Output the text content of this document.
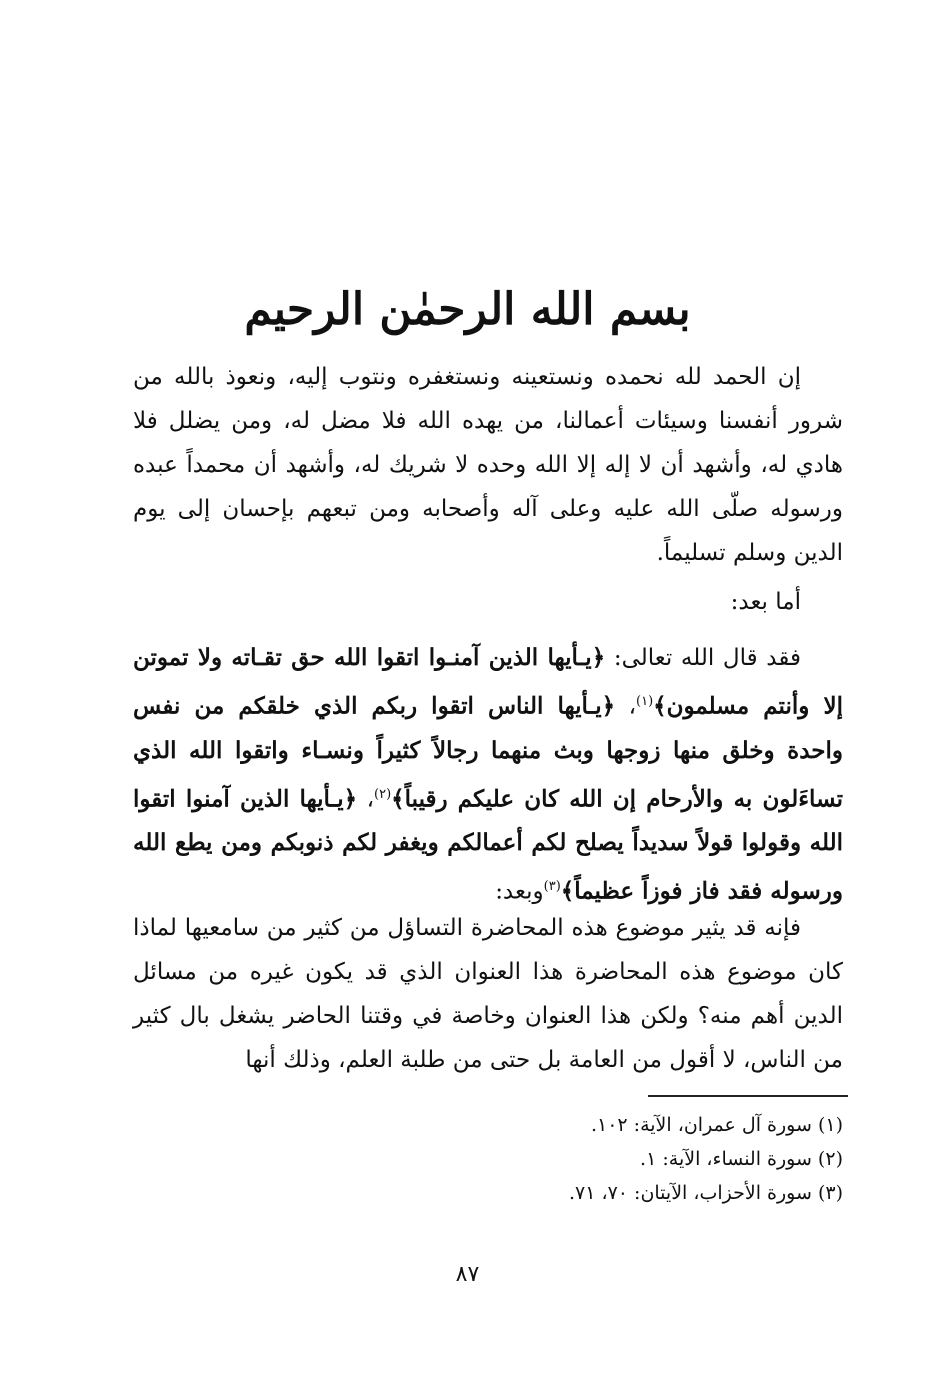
بسم الله الرحمٰن الرحيم

إن الحمد لله نحمده ونستعينه ونستغفره ونتوب إليه، ونعوذ بالله من شرور أنفسنا وسيئات أعمالنا، من يهده الله فلا مضل له، ومن يضلل فلا هادي له، وأشهد أن لا إله إلا الله وحده لا شريك له، وأشهد أن محمداً عبده ورسوله صلّى الله عليه وعلى آله وأصحابه ومن تبعهم بإحسان إلى يوم الدين وسلم تسليماً.

أما بعد:

فقد قال الله تعالى: ﴿يـأيها الذين آمنـوا اتقوا الله حق تقـاته ولا تموتن إلا وأنتم مسلمون﴾$^{(١)}$، ﴿يـأيها الناس اتقوا ربكم الذي خلقكم من نفس واحدة وخلق منها زوجها وبث منهما رجالاً كثيراً ونسـاء واتقوا الله الذي تساءَلون به والأرحام إن الله كان عليكم رقيباً﴾$^{(٢)}$، ﴿يـأيها الذين آمنوا اتقوا الله وقولوا قولاً سديداً يصلح لكم أعمالكم ويغفر لكم ذنوبكم ومن يطع الله ورسوله فقد فاز فوزاً عظيماً﴾$^{(٣)}$وبعد:

فإنه قد يثير موضوع هذه المحاضرة التساؤل من كثير من سامعيها لماذا كان موضوع هذه المحاضرة هذا العنوان الذي قد يكون غيره من مسائل الدين أهم منه؟ ولكن هذا العنوان وخاصة في وقتنا الحاضر يشغل بال كثير من الناس، لا أقول من العامة بل حتى من طلبة العلم، وذلك أنها

(١) سورة آل عمران، الآية: ١٠٢.
(٢) سورة النساء، الآية: ١.
(٣) سورة الأحزاب، الآيتان: ٧٠، ٧١.
٨٧
